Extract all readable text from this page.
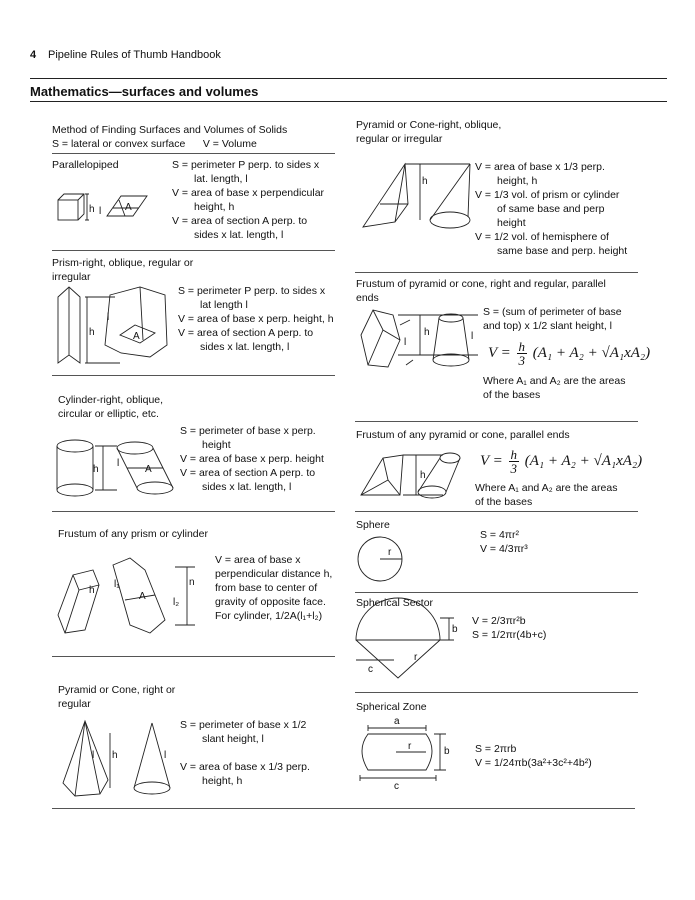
4 Pipeline Rules of Thumb Handbook
Mathematics—surfaces and volumes
Method of Finding Surfaces and Volumes of Solids
S = lateral or convex surface      V = Volume
Parallelopiped	S = perimeter P perp. to sides x
lat. length, l
V = area of base x perpendicular
height, h
V = area of section A perp. to
sides x lat. length, l
h l A
Prism-right, oblique, regular or
irregular
S = perimeter P perp. to sides x
lat length l
V = area of base x perp. height, h
V = area of section A perp. to
sides x lat. length, l
h
l
A
Cylinder-right, oblique,
circular or elliptic, etc.
S = perimeter of base x perp.
height
V = area of base x perp. height
V = area of section A perp. to
sides x lat. length, l
h
l
A
Frustum of any prism or cylinder
V = area of base x
perpendicular distance h,
from base to center of
gravity of opposite face.
For cylinder, 1/2A(l₁+l₂)
h
l₁
A
l₂
n
Pyramid or Cone, right or
regular
S = perimeter of base x 1/2
slant height, l
V = area of base x 1/3 perp.
height, h
l h	l
Pyramid or Cone-right, oblique,
regular or irregular
V = area of base x 1/3 perp.
height, h
V = 1/3 vol. of prism or cylinder
of same base and perp
height
V = 1/2 vol. of hemisphere of
same base and perp. height
h
Frustum of pyramid or cone, right and regular, parallel
ends
S = (sum of perimeter of base
and top) x 1/2 slant height, l
$V = \frac{h}{3} (A_1 + A_2 + √A_1xA_2)$
Where A₁ and A₂ are the areas
of the bases
l
h	l
Frustum of any pyramid or cone, parallel ends
$V = \frac{h}{3} (A_1 + A_2 + √A_1xA_2)$
Where A₁ and A₂ are the areas
of the bases
h
Sphere
S = 4πr²
V = 4/3πr³
r
Spherical Sector
V = 2/3πr²b
S = 1/2πr(4b+c)
b
r
c
Spherical Zone
S = 2πrb
V = 1/24πb(3a²+3c²+4b²)
a
b
r
c
